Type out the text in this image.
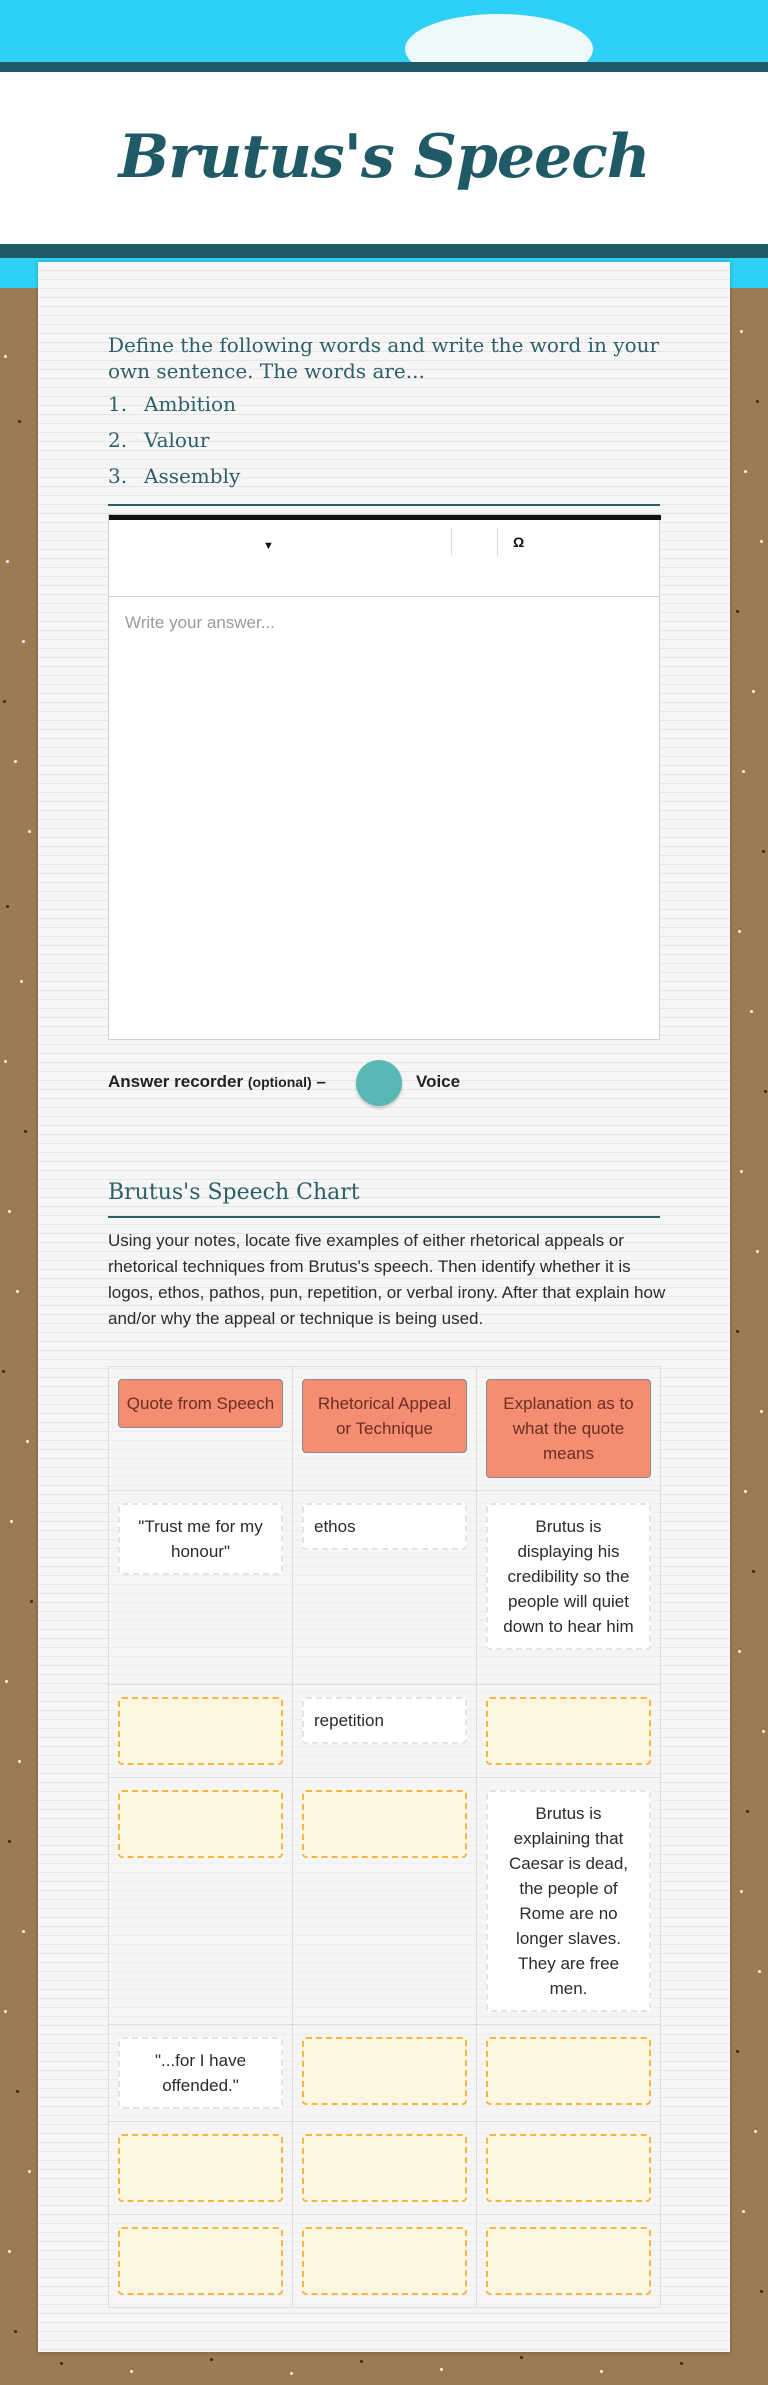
Brutus's Speech
Define the following words and write the word in your own sentence. The words are...
1. Ambition
2. Valour
3. Assembly
▼	Ω
Write your answer...
Answer recorder (optional) –	Voice
Brutus's Speech Chart
Using your notes, locate five examples of either rhetorical appeals or rhetorical techniques from Brutus's speech. Then identify whether it is logos, ethos, pathos, pun, repetition, or verbal irony. After that explain how and/or why the appeal or technique is being used.
Quote from Speech	Rhetorical Appeal or Technique	Explanation as to what the quote means

"Trust me for my honour"	ethos	Brutus is displaying his credibility so the people will quiet down to hear him

	repetition	

		Brutus is explaining that Caesar is dead, the people of Rome are no longer slaves. They are free men.

"...for I have offended."		
